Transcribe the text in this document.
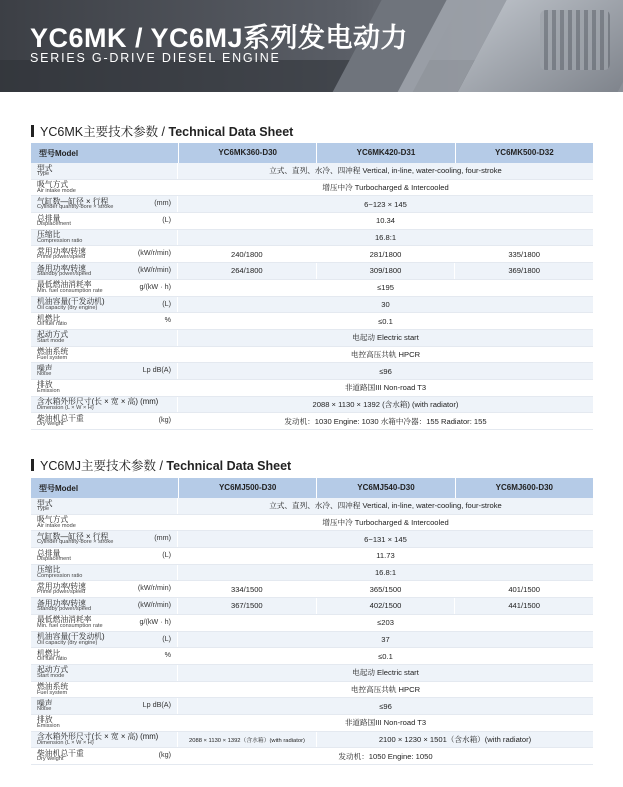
YC6MK / YC6MJ系列发电动力
SERIES G-DRIVE DIESEL ENGINE
YC6MK主要技术参数 / Technical Data Sheet
型号Model	YC6MK360-D30	YC6MK420-D31	YC6MK500-D32
型式
Type	立式、直列、水冷、四冲程 Vertical, in-line, water-cooling, four-stroke
吸气方式
Air intake mode	增压中冷 Turbocharged & Intercooled
气缸数—缸径 × 行程
Cylinder quantity-bore × stroke	(mm)	6−123 × 145
总排量
Displacement	(L)	10.34
压缩比
Compression ratio	16.8:1
常用功率/转速
Prime power/speed	(kW/r/min)	240/1800	281/1800	335/1800
备用功率/转速
Standby power/speed	(kW/r/min)	264/1800	309/1800	369/1800
最低燃油消耗率
Min. fuel consumption rate	g/(kW · h)	≤195
机油容量(干发动机)
Oil capacity (dry engine)	(L)	30
机燃比
Oil fuel ratio	%	≤0.1
起动方式
Start mode	电起动 Electric start
燃油系统
Fuel system	电控高压共轨 HPCR
噪声
Noise	Lp dB(A)	≤96
排放
Emission	非道路国III Non-road T3
含水箱外形尺寸(长 × 宽 × 高) (mm)
Dimension (L × W × H)	2088 × 1130 × 1392 (含水箱) (with radiator)
柴油机总干重
Dry weight	(kg)	发动机：1030 Engine: 1030 水箱中冷器：155 Radiator: 155
YC6MJ主要技术参数 / Technical Data Sheet
型号Model	YC6MJ500-D30	YC6MJ540-D30	YC6MJ600-D30
型式
Type	立式、直列、水冷、四冲程 Vertical, in-line, water-cooling, four-stroke
吸气方式
Air intake mode	增压中冷 Turbocharged & Intercooled
气缸数—缸径 × 行程
Cylinder quantity-bore × stroke	(mm)	6−131 × 145
总排量
Displacement	(L)	11.73
压缩比
Compression ratio	16.8:1
常用功率/转速
Prime power/speed	(kW/r/min)	334/1500	365/1500	401/1500
备用功率/转速
Standby power/speed	(kW/r/min)	367/1500	402/1500	441/1500
最低燃油消耗率
Min. fuel consumption rate	g/(kW · h)	≤203
机油容量(干发动机)
Oil capacity (dry engine)	(L)	37
机燃比
Oil fuel ratio	%	≤0.1
起动方式
Start mode	电起动 Electric start
燃油系统
Fuel system	电控高压共轨 HPCR
噪声
Noise	Lp dB(A)	≤96
排放
Emission	非道路国III Non-road T3
含水箱外形尺寸(长 × 宽 × 高) (mm)
Dimension (L × W × H)	2088 × 1130 × 1392（含水箱）(with radiator)	2100 × 1230 × 1501（含水箱）(with radiator)
柴油机总干重
Dry weight	(kg)	发动机：1050 Engine: 1050
